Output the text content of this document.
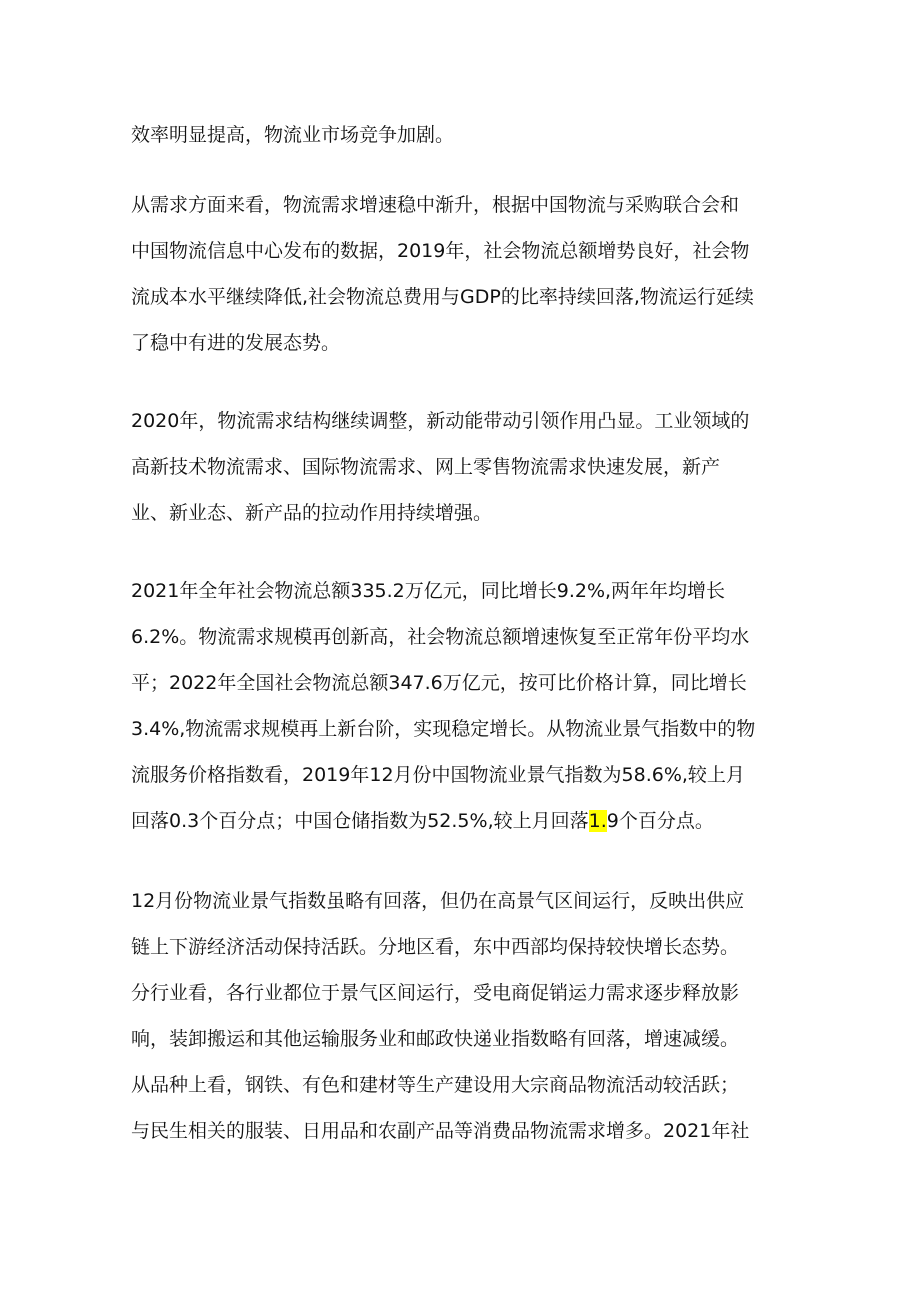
效率明显提高，物流业市场竞争加剧。

从需求方面来看，物流需求增速稳中渐升，根据中国物流与采购联合会和
中国物流信息中心发布的数据，2019年，社会物流总额增势良好，社会物
流成本水平继续降低,社会物流总费用与GDP的比率持续回落,物流运行延续
了稳中有进的发展态势。

2020年，物流需求结构继续调整，新动能带动引领作用凸显。工业领域的
高新技术物流需求、国际物流需求、网上零售物流需求快速发展，新产
业、新业态、新产品的拉动作用持续增强。

2021年全年社会物流总额335.2万亿元，同比增长9.2%,两年年均增长
6.2%。物流需求规模再创新高，社会物流总额增速恢复至正常年份平均水
平；2022年全国社会物流总额347.6万亿元，按可比价格计算，同比增长
3.4%,物流需求规模再上新台阶，实现稳定增长。从物流业景气指数中的物
流服务价格指数看，2019年12月份中国物流业景气指数为58.6%,较上月
回落0.3个百分点；中国仓储指数为52.5%,较上月回落1.9个百分点。

12月份物流业景气指数虽略有回落，但仍在高景气区间运行，反映出供应
链上下游经济活动保持活跃。分地区看，东中西部均保持较快增长态势。
分行业看，各行业都位于景气区间运行，受电商促销运力需求逐步释放影
响，装卸搬运和其他运输服务业和邮政快递业指数略有回落，增速减缓。
从品种上看，钢铁、有色和建材等生产建设用大宗商品物流活动较活跃；
与民生相关的服装、日用品和农副产品等消费品物流需求增多。2021年社
